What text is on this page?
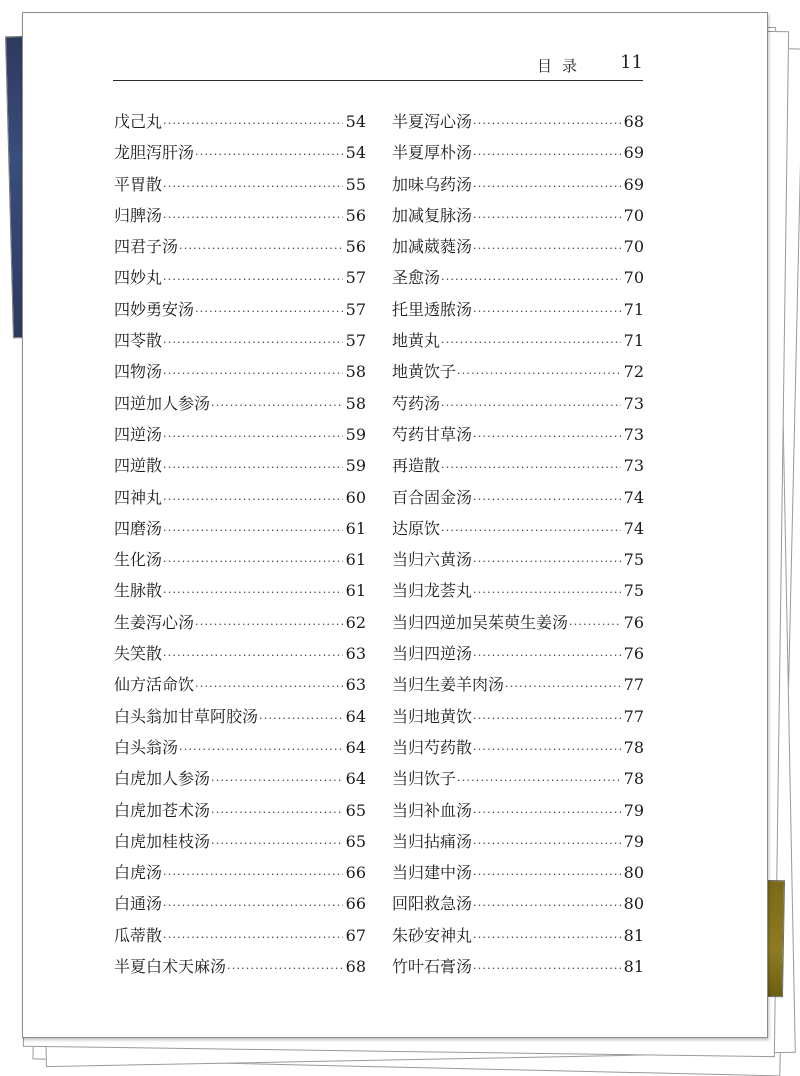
目录 11
戊己丸 ·····	54
龙胆泻肝汤 ·····	54
平胃散 ·····	55
归脾汤 ·····	56
四君子汤 ·····	56
四妙丸 ·····	57
四妙勇安汤 ·····	57
四苓散 ·····	57
四物汤 ·····	58
四逆加人参汤 ·····	58
四逆汤 ·····	59
四逆散 ·····	59
四神丸 ·····	60
四磨汤 ·····	61
生化汤 ·····	61
生脉散 ·····	61
生姜泻心汤 ·····	62
失笑散 ·····	63
仙方活命饮 ·····	63
白头翁加甘草阿胶汤 ·····	64
白头翁汤 ·····	64
白虎加人参汤 ·····	64
白虎加苍术汤 ·····	65
白虎加桂枝汤 ·····	65
白虎汤 ·····	66
白通汤 ·····	66
瓜蒂散 ·····	67
半夏白术天麻汤 ·····	68
半夏泻心汤 ·····	68
半夏厚朴汤 ·····	69
加味乌药汤 ·····	69
加减复脉汤 ·····	70
加减葳蕤汤 ·····	70
圣愈汤 ·····	70
托里透脓汤 ·····	71
地黄丸 ·····	71
地黄饮子 ·····	72
芍药汤 ·····	73
芍药甘草汤 ·····	73
再造散 ·····	73
百合固金汤 ·····	74
达原饮 ·····	74
当归六黄汤 ·····	75
当归龙荟丸 ·····	75
当归四逆加吴茱萸生姜汤 ·····	76
当归四逆汤 ·····	76
当归生姜羊肉汤 ·····	77
当归地黄饮 ·····	77
当归芍药散 ·····	78
当归饮子 ·····	78
当归补血汤 ·····	79
当归拈痛汤 ·····	79
当归建中汤 ·····	80
回阳救急汤 ·····	80
朱砂安神丸 ·····	81
竹叶石膏汤 ·····	81
